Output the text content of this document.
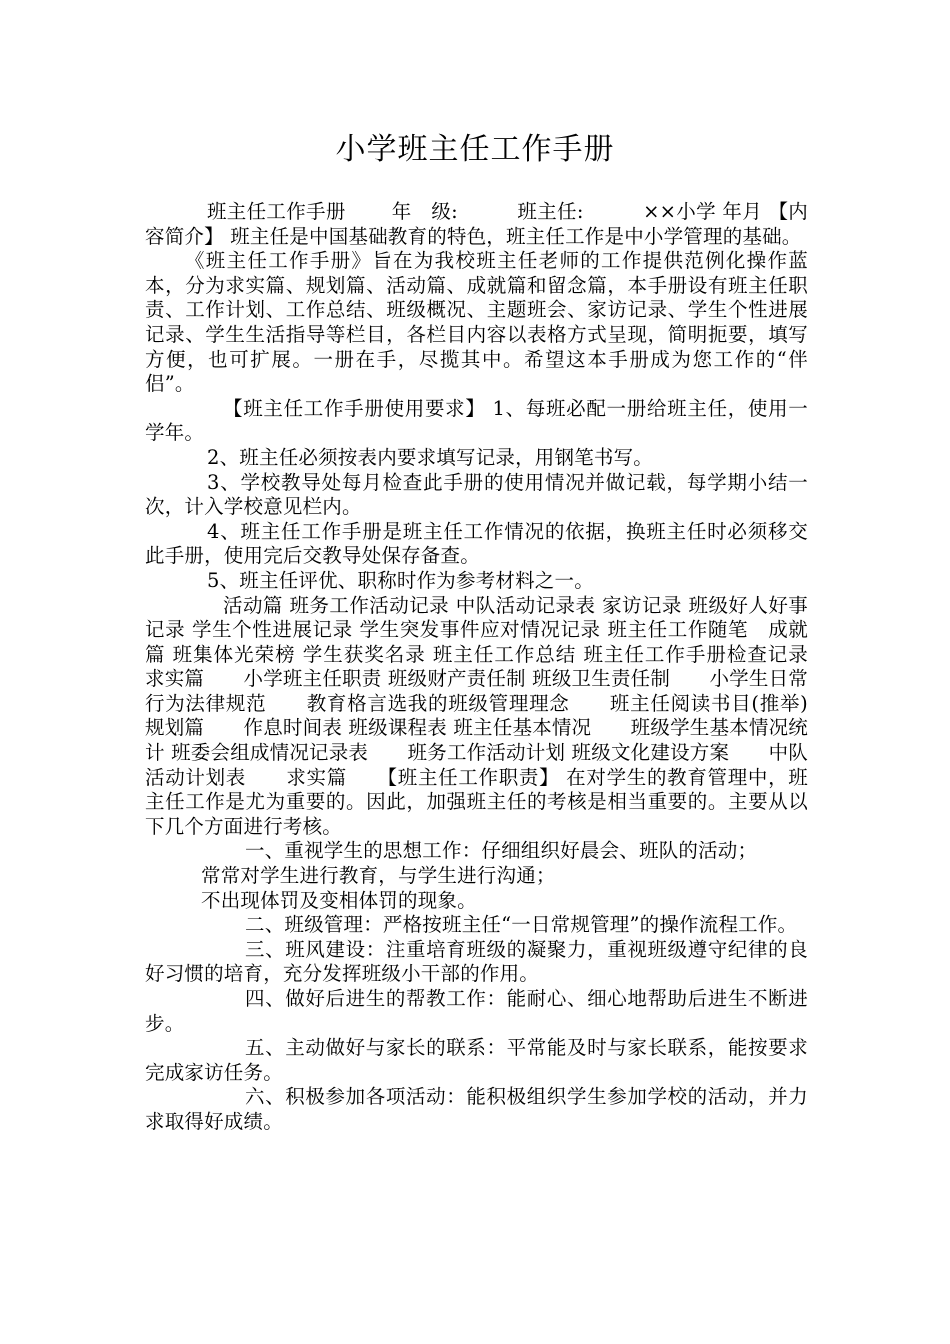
小学班主任工作手册

班主任工作手册　　 年　级:　　　班主任:　　　××小学 年月 【内容简介】 班主任是中国基础教育的特色，班主任工作是中小学管理的基础。

《班主任工作手册》旨在为我校班主任老师的工作提供范例化操作蓝本，分为求实篇、规划篇、活动篇、成就篇和留念篇，本手册设有班主任职责、工作计划、工作总结、班级概况、主题班会、家访记录、学生个性进展记录、学生生活指导等栏目，各栏目内容以表格方式呈现，简明扼要，填写方便，也可扩展。一册在手，尽揽其中。希望这本手册成为您工作的“伴侣”。

【班主任工作手册使用要求】 1、每班必配一册给班主任，使用一学年。

2、班主任必须按表内要求填写记录，用钢笔书写。

3、学校教导处每月检查此手册的使用情况并做记载，每学期小结一次，计入学校意见栏内。

4、班主任工作手册是班主任工作情况的依据，换班主任时必须移交此手册，使用完后交教导处保存备查。

5、班主任评优、职称时作为参考材料之一。

活动篇 班务工作活动记录 中队活动记录表 家访记录 班级好人好事记录 学生个性进展记录 学生突发事件应对情况记录 班主任工作随笔　成就篇 班集体光荣榜 学生获奖名录 班主任工作总结 班主任工作手册检查记录　　求实篇　　小学班主任职责 班级财产责任制 班级卫生责任制　　小学生日常行为法律规范　　教育格言选我的班级管理理念　　班主任阅读书目(推举)　　规划篇　　作息时间表 班级课程表 班主任基本情况　　班级学生基本情况统计 班委会组成情况记录表　　班务工作活动计划 班级文化建设方案　　中队活动计划表　　求实篇　　【班主任工作职责】 在对学生的教育管理中，班主任工作是尤为重要的。因此，加强班主任的考核是相当重要的。主要从以下几个方面进行考核。

一、重视学生的思想工作：仔细组织好晨会、班队的活动；

常常对学生进行教育，与学生进行沟通；

不出现体罚及变相体罚的现象。

二、班级管理：严格按班主任“一日常规管理”的操作流程工作。

三、班风建设：注重培育班级的凝聚力，重视班级遵守纪律的良好习惯的培育，充分发挥班级小干部的作用。

四、做好后进生的帮教工作：能耐心、细心地帮助后进生不断进步。

五、主动做好与家长的联系：平常能及时与家长联系，能按要求完成家访任务。

六、积极参加各项活动：能积极组织学生参加学校的活动，并力求取得好成绩。
